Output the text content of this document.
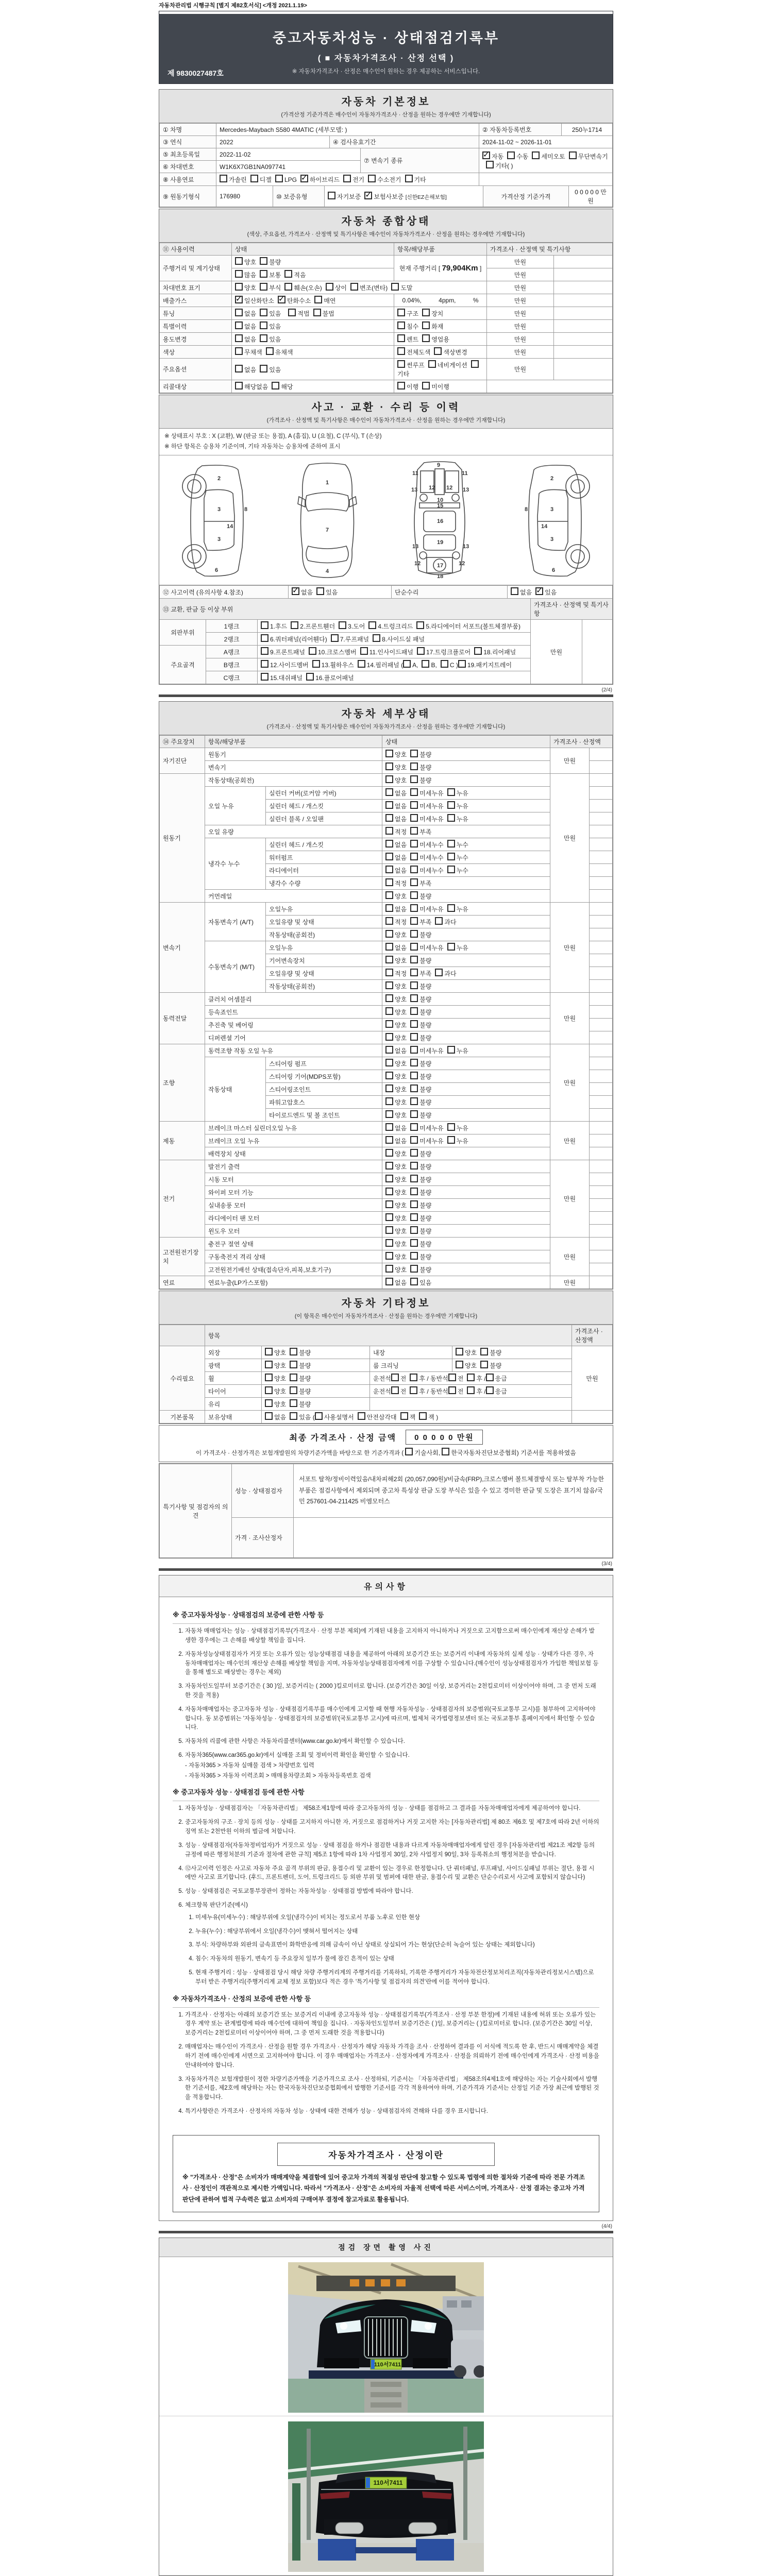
자동차관리법 시행규칙 [별지 제82호서식] <개정 2021.1.19>
중고자동차성능 · 상태점검기록부
( ■ 자동차가격조사 · 산정 선택 )
※ 자동차가격조사 · 산정은 매수인이 원하는 경우 제공하는 서비스입니다.
제 9830027487호
자동차 기본정보
(가격산정 기준가격은 매수인이 자동차가격조사 · 산정을 원하는 경우에만 기재합니다)
① 차명	Mercedes-Maybach S580 4MATIC (세부모델: )	② 자동차등록번호	250누1714
③ 연식	2022	④ 검사유효기간	2024-11-02 ~ 2026-11-01
⑤ 최초등록일	2022-11-02	⑦ 변속기 종류	✓자동 수동 세미오토 무단변속기기타( )
⑥ 차대번호	W1K6X7GB1NA097741		
⑧ 사용연료	가솔린 디젤 LPG ✓ 하이브리드 전기 수소전기 기타	
⑨ 원동기형식	176980	⑩ 보증유형	자기보증 ✓ 보험사보증 [신한EZ손해보험]	가격산정 기준가격	0 0 0 0 0 만원
자동차 종합상태
(색상, 주요옵션, 가격조사 · 산정액 및 특기사항은 매수인이 자동차가격조사 · 산정을 원하는 경우에만 기재합니다)
⑪ 사용이력	상태	항목/해당부품	가격조사 · 산정액 및 특기사항	
주행거리 및 계기상태	양호 불량	현재 주행거리 [ 79,904Km ]	만원	
	많음 보통 적음		만원	
차대번호 표기	양호 부식 훼손(오손) 상이 변조(변타) 도말		만원	
배출가스	✓일산화탄소 ✓ 탄화수소 매연	0.04%,          4ppm,          %	만원	
튜닝	없음 있음 적법 불법	구조 장치	만원	
특별이력	없음 있음	침수 화재	만원	
용도변경	없음 있음	렌트 영업용	만원	
색상	무채색 유채색	전체도색 색상변경	만원	
주요옵션	없음 있음	썬루프 네비게이션기타	만원	
리콜대상	해당없음 해당	이행 미이행		
사고 · 교환 · 수리 등 이력
(가격조사 · 산정액 및 특기사항은 매수인이 자동차가격조사 · 산정을 원하는 경우에만 기재합니다)
※ 상태표시 부호 : X (교환), W (판금 또는 용접), A (흠집), U (요철), C (부식), T (손상)
※ 하단 항목은 승용차 기준이며, 기타 자동차는 승용차에 준하여 표시
2
8
3
14
3
6
1
7
4
11
9
11
13 12 12 13
10
15
16
13
19
13
12	17	12
18
2
3
8
14
3
6
⑫ 사고이력 (유의사항 4.참조)	✓없음 있음	단순수리	없음 ✓ 있음
⑬ 교환, 판금 등 이상 부위			가격조사 · 산정액 및 특기사항	
외판부위	1랭크	1.후드 2.프론트휀더 3.도어 4.트렁크리드 5.라디에이터 서포트(볼트체결부품)	만원	
	2랭크	6.쿼터패널(리어휀다) 7.루프패널 8.사이드실 패널		
주요골격	A랭크	9.프론트패널 10.크로스멤버 11.인사이드패널 17.트렁크플로어 18.리어패널		
	B랭크	12.사이드멤버 13.휠하우스 14.필러패널 ( A, B, C ) 19.패키지트레이		
	C랭크	15.대쉬패널 16.플로어패널		
(2/4)
자동차 세부상태
(가격조사 · 산정액 및 특기사항은 매수인이 자동차가격조사 · 산정을 원하는 경우에만 기재합니다)
⑭ 주요장치	항목/해당부품		상태	가격조사 · 산정액	
자기진단	원동기		양호 불량	만원	
	변속기		양호 불량		
원동기	작동상태(공회전)		양호 불량	만원	
	오일 누유	실린더 커버(로커암 커버)	없음 미세누유 누유		
		실린더 헤드 / 개스킷	없음 미세누유 누유		
		실린더 블록 / 오일팬	없음 미세누유 누유		
	오일 유량		적정 부족		
	냉각수 누수	실린더 헤드 / 개스킷	없음 미세누수 누수		
		워터펌프	없음 미세누수 누수		
		라디에이터	없음 미세누수 누수		
		냉각수 수량	적정 부족		
	커먼레일		양호 불량		
변속기	자동변속기 (A/T)	오일누유	없음 미세누유 누유	만원	
		오일유량 및 상태	적정 부족 과다		
		작동상태(공회전)	양호 불량		
	수동변속기 (M/T)	오일누유	없음 미세누유 누유		
		기어변속장치	양호 불량		
		오일유량 및 상태	적정 부족 과다		
		작동상태(공회전)	양호 불량		
동력전달	클러치 어셈블리		양호 불량	만원	
	등속죠인트		양호 불량		
	추진축 및 베어링		양호 불량		
	디퍼렌셜 기어		양호 불량		
조향	동력조향 작동 오일 누유		없음 미세누유 누유	만원	
	작동상태	스티어링 펌프	양호 불량		
		스티어링 기어(MDPS포함)	양호 불량		
		스티어링조인트	양호 불량		
		파워고압호스	양호 불량		
		타이로드엔드 및 볼 조인트	양호 불량		
제동	브레이크 마스터 실린더오일 누유		없음 미세누유 누유	만원	
	브레이크 오일 누유		없음 미세누유 누유		
	배력장치 상태		양호 불량		
전기	발전기 출력		양호 불량	만원	
	시동 모터		양호 불량		
	와이퍼 모터 기능		양호 불량		
	실내송풍 모터		양호 불량		
	라디에이터 팬 모터		양호 불량		
	윈도우 모터		양호 불량		
고전원전기장치	충전구 절연 상태		양호 불량	만원	
	구동축전지 격리 상태		양호 불량		
	고전원전기배선 상태(접속단자,피복,보호기구)		양호 불량		
연료	연료누출(LP가스포함)		없음 있음	만원	
자동차 기타정보
(이 항목은 매수인이 자동차가격조사 · 산정을 원하는 경우에만 기재합니다)
	항목				가격조사 · 산정액
수리필요	외장	양호 불량	내장	양호 불량	만원
	광택	양호 불량	룸 크리닝	양호 불량	
	휠	양호 불량	운전석 전 후 / 동반석 전 후 / 응급		
	타이어	양호 불량	운전석 전 후 / 동반석 전 후 / 응급		
	유리	양호 불량			
기본품목	보유상태	없음 있음 ( 사용설명서 안전삼각대 잭 잭 )			
최종 가격조사 · 산정 금액	0 0 0 0 0 만원
이 가격조사 · 산정가격은 보험개발원의 차량기준가액을 바탕으로 한 기준가격과 ( 기술사회, 한국자동차진단보증협회) 기준서를 적용하였음
특기사항 및 점검자의 의견	성능 · 상태점검자	서포트 탈착/정비이력있음/내차피해2회 (20,057,090원)/비금속(FRP),크로스멤버 볼트체결방식 또는 탈부착 가능한 부품은 점검사항에서 제외되며 중고차 특성상 판금 도장 부식은 있을 수 있고 경미한 판금 및 도장은 표기치 않음/국민 257601-04-211425 비엠모터스
	가격 · 조사산정자	
(3/4)
유의사항
※ 중고자동차성능 · 상태점검의 보증에 관한 사항 등
1. 자동차 매매업자는 성능 · 상태점검기록부(가격조사 · 산정 부분 제외)에 기재된 내용을 고지하지 아니하거나 거짓으로 고지함으로써 매수인에게 재산상 손해가 발생한 경우에는 그 손해를 배상할 책임을 집니다.
2. 자동차성능상태점검자가 거짓 또는 오류가 있는 성능상태점검 내용을 제공하여 아래의 보증기간 또는 보증거리 이내에 자동차의 실제 성능 · 상태가 다른 경우, 자동차매매업자는 매수인의 재산상 손해를 배상할 책임을 지며, 자동차성능상태점검자에게 이를 구상할 수 있습니다.(매수인이 성능상태점검자가 가입한 책임보험 등을 통해 별도로 배상받는 경우는 제외)
3. 자동차인도일부터 보증기간은 ( 30 )일, 보증거리는 ( 2000 )킬로미터로 합니다. (보증기간은 30일 이상, 보증거리는 2천킬로미터 이상이어야 하며, 그 중 먼저 도래한 것을 적용)
4. 자동차매매업자는 중고자동차 성능 · 상태점검기록부를 매수인에게 고지할 때 현행 자동차성능 · 상태점검자의 보증범위(국토교통부 고시)를 첨부하여 고지하여야 합니다. 동 보증범위는 '자동차성능 · 상태점검자의 보증범위'(국토교통부 고시)에 따르며, 법제처 국가법령정보센터 또는 국토교통부 홈페이지에서 확인할 수 있습니다.
5. 자동차의 리콜에 관한 사항은 자동차리콜센터(www.car.go.kr)에서 확인할 수 있습니다.
6. 자동차365(www.car365.go.kr)에서 실매물 조회 및 정비이력 확인을 확인할 수 있습니다.
- 자동차365 > 자동차 실매물 검색 > 차량번호 입력
- 자동차365 > 자동차 이력조회 > 매매용차량조회 > 자동차등록번호 검색
※ 중고자동차 성능 · 상태점검 등에 관한 사항
1. 자동차성능 · 상태점검자는 「자동차관리법」 제58조제1항에 따라 중고자동차의 성능 · 상태를 점검하고 그 결과를 자동차매매업자에게 제공하여야 합니다.
2. 중고자동차의 구조 · 장치 등의 성능 · 상태를 고지하지 아니한 자, 거짓으로 점검하거나 거짓 고지한 자는 [자동차관리법] 제 80조 제6호 및 제7호에 따라 2년 이하의 징역 또는 2천만원 이하의 벌금에 처합니다.
3. 성능 · 상태점검자(자동차정비업자)가 거짓으로 성능 · 상태 점검을 하거나 점검한 내용과 다르게 자동차매매업자에게 알린 경우 [자동차관리법 제21조 제2항 등의 규정에 따른 행정처분의 기준과 절차에 관한 규칙] 제5조 1항에 따라 1차 사업정지 30일, 2차 사업정지 90일, 3차 등록취소의 행정처분을 받습니다.
4. ⑫사고이력 인정은 사고로 자동차 주요 골격 부위의 판금, 용접수리 및 교환이 있는 경우로 한정합니다. 단 쿼터패널, 루프패널, 사이드실패널 부위는 절단, 용접 시에만 사고로 표기합니다. (후드, 프론트펜더, 도어, 트렁크리드 등 외판 부위 및 범퍼에 대한 판금, 용접수리 및 교환은 단순수리로서 사고에 포함되지 않습니다)
5. 성능 · 상태점검은 국토교통부장관이 정하는 자동차성능 · 상태점검 방법에 따라야 합니다.
6. 체크항목 판단기준(예시)
1. 미세누유(미세누수) : 해당부위에 오일(냉각수)이 비치는 정도로서 부품 노후로 인한 현상
2. 누유(누수) : 해당부위에서 오일(냉각수)이 맺혀서 떨어지는 상태
3. 부식: 차량하부와 외판의 금속표면이 화학반응에 의해 금속이 아닌 상태로 상실되어 가는 현상(단순히 녹슬어 있는 상태는 제외합니다)
4. 침수: 자동차의 원동기, 변속기 등 주요장치 일부가 물에 잠긴 흔적이 있는 상태
5. 현재 주행거리 : 성능 · 상태점검 당시 해당 차량 주행거리계의 주행거리를 기록하되, 기록한 주행거리가 자동차전산정보처리조직(자동차관리정보시스템)으로부터 받은 주행거리(주행거리계 교체 정보 포함)보다 적은 경우 '특기사항 및 점검자의 의견'란에 이를 적어야 합니다.
※ 자동차가격조사 · 산정의 보증에 관한 사항 등
1. 가격조사 · 산정자는 아래의 보증기간 또는 보증거리 이내에 중고자동차 성능 · 상태점검기록부(가격조사 · 산정 부분 한정)에 기재된 내용에 허위 또는 오류가 있는 경우 계약 또는 관계법령에 따라 매수인에 대하여 책임을 집니다. · 자동차인도일부터 보증기간은 ( )일, 보증거리는 ( )킬로미터로 합니다. (보증기간은 30일 이상, 보증거리는 2천킬로미터 이상이어야 하며, 그 중 먼저 도래한 것을 적용합니다)
2. 매매업자는 매수인이 가격조사 · 산정을 원할 경우 가격조사 · 산정자가 해당 자동차 가격을 조사 · 산정하여 결과를 이 서식에 적도록 한 후, 반드시 매매계약을 체결하기 전에 매수인에게 서면으로 고지하여야 합니다. 이 경우 매매업자는 가격조사 · 산정자에게 가격조사 · 산정을 의뢰하기 전에 매수인에게 가격조사 · 산정 비용을 안내하여야 합니다.
3. 자동차가격은 보험개발원이 정한 차량기준가액을 기준가격으로 조사 · 산정하되, 기준서는 「자동차관리법」 제58조의4제1호에 해당하는 자는 기술사회에서 발행한 기준서를, 제2호에 해당하는 자는 한국자동차진단보증협회에서 발행한 기준서를 각각 적용하여야 하며, 기준가격과 기준서는 산정일 기준 가장 최근에 발행된 것을 적용합니다.
4. 특기사항란은 가격조사 · 산정자의 자동차 성능 · 상태에 대한 견해가 성능 · 상태점검자의 견해와 다를 경우 표시합니다.
자동차가격조사 · 산정이란
※ "가격조사 · 산정"은 소비자가 매매계약을 체결함에 있어 중고차 가격의 적절성 판단에 참고할 수 있도록 법령에 의한 절차와 기준에 따라 전문 가격조사 · 산정인이 객관적으로 제시한 가액입니다. 따라서 "가격조사 · 산정"은 소비자의 자율적 선택에 따른 서비스이며, 가격조사 · 산정 결과는 중고차 가격판단에 관하여 법적 구속력은 없고 소비자의 구매여부 결정에 참고자료로 활용됩니다.
(4/4)
점검 장면 촬영 사진
110서7411
110서7411
